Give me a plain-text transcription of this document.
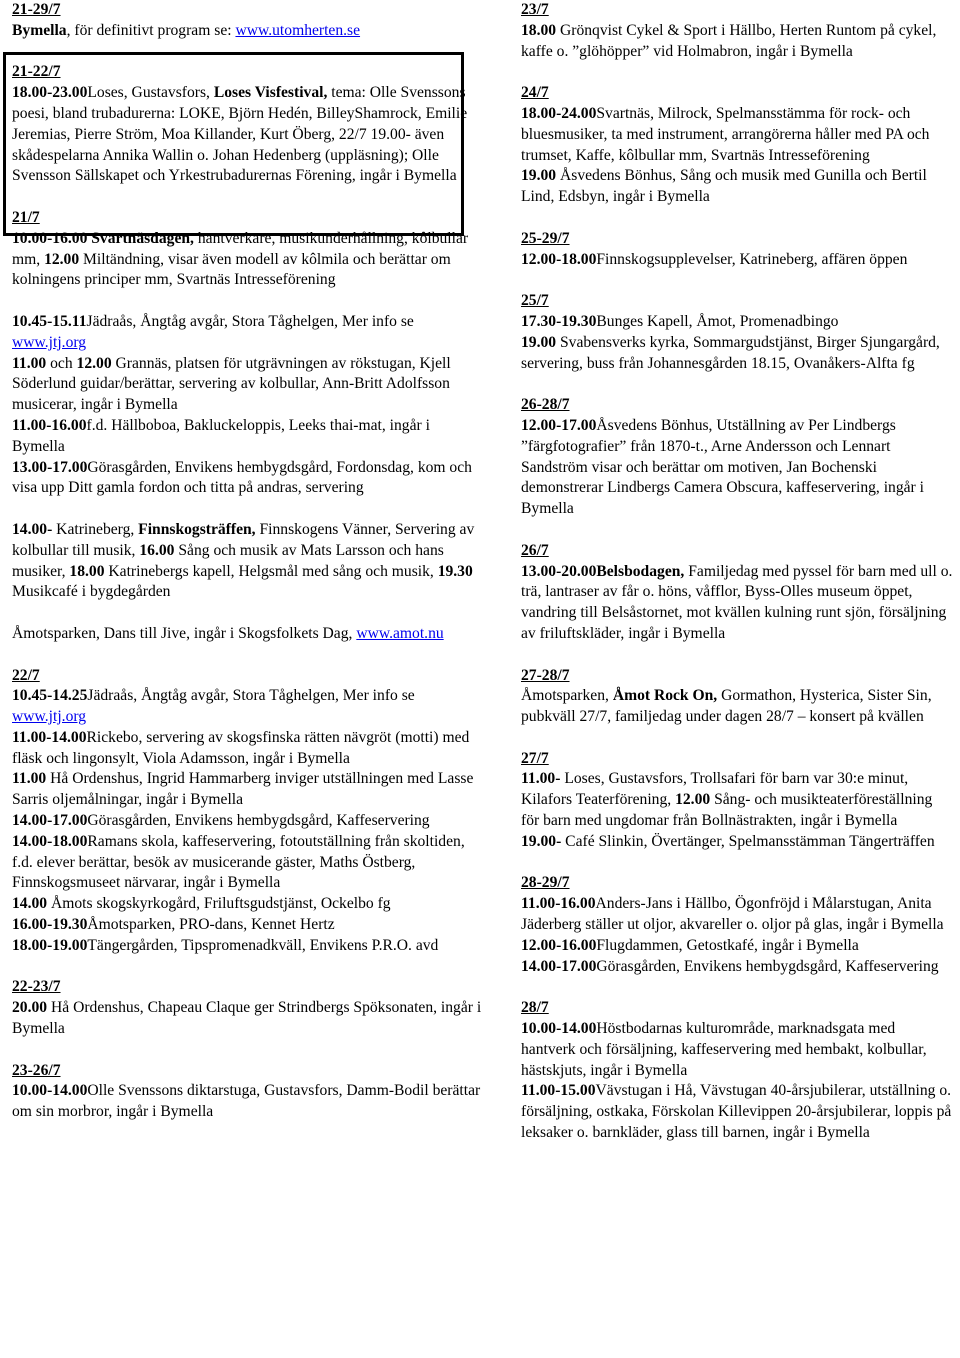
21-29/7

Bymella, för definitivt program se: www.utomherten.se

21-22/7

18.00-23.00Loses, Gustavsfors, Loses Visfestival, tema: Olle Svenssons poesi, bland trubadurerna: LOKE, Björn Hedén, BilleyShamrock, Emilie Jeremias, Pierre Ström, Moa Killander, Kurt Öberg, 22/7 19.00- även skådespelarna Annika Wallin o. Johan Hedenberg (uppläsning); Olle Svensson Sällskapet och Yrkestrubadurernas Förening, ingår i Bymella

21/7

10.00-16.00 Svartnäsdagen, hantverkare, musikunderhållning, kôlbullar mm, 12.00 Miltändning, visar även modell av kôlmila och berättar om kolningens principer mm, Svartnäs Intresseförening

10.45-15.11Jädraås, Ångtåg avgår, Stora Tåghelgen, Mer info se www.jtj.org

11.00 och 12.00 Grannäs, platsen för utgrävningen av rökstugan, Kjell Söderlund guidar/berättar, servering av kolbullar, Ann-Britt Adolfsson musicerar, ingår i Bymella

11.00-16.00f.d. Hällboboa, Bakluckeloppis, Leeks thai-mat, ingår i Bymella

13.00-17.00Görasgården, Envikens hembygdsgård, Fordonsdag, kom och visa upp Ditt gamla fordon och titta på andras, servering

14.00- Katrineberg, Finnskogsträffen, Finnskogens Vänner, Servering av kolbullar till musik, 16.00 Sång och musik av Mats Larsson och hans musiker, 18.00 Katrinebergs kapell, Helgsmål med sång och musik, 19.30 Musikcafé i bygdegården

Åmotsparken, Dans till Jive, ingår i Skogsfolkets Dag, www.amot.nu

22/7

10.45-14.25Jädraås, Ångtåg avgår, Stora Tåghelgen, Mer info se www.jtj.org

11.00-14.00Rickebo, servering av skogsfinska rätten nävgröt (motti) med fläsk och lingonsylt, Viola Adamsson, ingår i Bymella

11.00 Hå Ordenshus, Ingrid Hammarberg inviger utställningen med Lasse Sarris oljemålningar, ingår i Bymella

14.00-17.00Görasgården, Envikens hembygdsgård, Kaffeservering

14.00-18.00Ramans skola, kaffeservering, fotoutställning från skoltiden, f.d. elever berättar, besök av musicerande gäster, Maths Östberg, Finnskogsmuseet närvarar, ingår i Bymella

14.00 Åmots skogskyrkogård, Friluftsgudstjänst, Ockelbo fg

16.00-19.30Åmotsparken, PRO-dans, Kennet Hertz

18.00-19.00Tängergården, Tipspromenadkväll, Envikens P.R.O. avd

22-23/7

20.00 Hå Ordenshus, Chapeau Claque ger Strindbergs Spöksonaten, ingår i Bymella

23-26/7

10.00-14.00Olle Svenssons diktarstuga, Gustavsfors, Damm-Bodil berättar om sin morbror, ingår i Bymella

23/7

18.00 Grönqvist Cykel & Sport i Hällbo, Herten Runtom på cykel, kaffe o. ”glöhöpper” vid Holmabron, ingår i Bymella

24/7

18.00-24.00Svartnäs, Milrock, Spelmansstämma för rock- och bluesmusiker, ta med instrument, arrangörerna håller med PA och trumset, Kaffe, kôlbullar mm, Svartnäs Intresseförening

19.00 Åsvedens Bönhus, Sång och musik med Gunilla och Bertil Lind, Edsbyn, ingår i Bymella

25-29/7

12.00-18.00Finnskogsupplevelser, Katrineberg, affären öppen

25/7

17.30-19.30Bunges Kapell, Åmot, Promenadbingo

19.00 Svabensverks kyrka, Sommargudstjänst, Birger Sjungargård, servering, buss från Johannesgården 18.15, Ovanåkers-Alfta fg

26-28/7

12.00-17.00Åsvedens Bönhus, Utställning av Per Lindbergs ”färgfotografier” från 1870-t., Arne Andersson och Lennart Sandström visar och berättar om motiven, Jan Bochenski demonstrerar Lindbergs Camera Obscura, kaffeservering, ingår i Bymella

26/7

13.00-20.00Belsbodagen, Familjedag med pyssel för barn med ull o. trä, lantraser av får o. höns, våfflor, Byss-Olles museum öppet, vandring till Belsåstornet, mot kvällen kulning runt sjön, försäljning av friluftskläder, ingår i Bymella

27-28/7

Åmotsparken, Åmot Rock On, Gormathon, Hysterica, Sister Sin, pubkväll 27/7, familjedag under dagen 28/7 – konsert på kvällen

27/7

11.00- Loses, Gustavsfors, Trollsafari för barn var 30:e minut, Kilafors Teaterförening, 12.00 Sång- och musikteaterföreställning för barn med ungdomar från Bollnästrakten, ingår i Bymella

19.00- Café Slinkin, Övertänger, Spelmansstämman Tängerträffen

28-29/7

11.00-16.00Anders-Jans i Hällbo, Ögonfröjd i Målarstugan, Anita Jäderberg ställer ut oljor, akvareller o. oljor på glas, ingår i Bymella

12.00-16.00Flugdammen, Getostkafé, ingår i Bymella

14.00-17.00Görasgården, Envikens hembygdsgård, Kaffeservering

28/7

10.00-14.00Höstbodarnas kulturområde, marknadsgata med hantverk och försäljning, kaffeservering med hembakt, kolbullar, hästskjuts, ingår i Bymella

11.00-15.00Vävstugan i Hå, Vävstugan 40-årsjubilerar, utställning o. försäljning, ostkaka, Förskolan Killevippen 20-årsjubilerar, loppis på leksaker o. barnkläder, glass till barnen, ingår i Bymella
